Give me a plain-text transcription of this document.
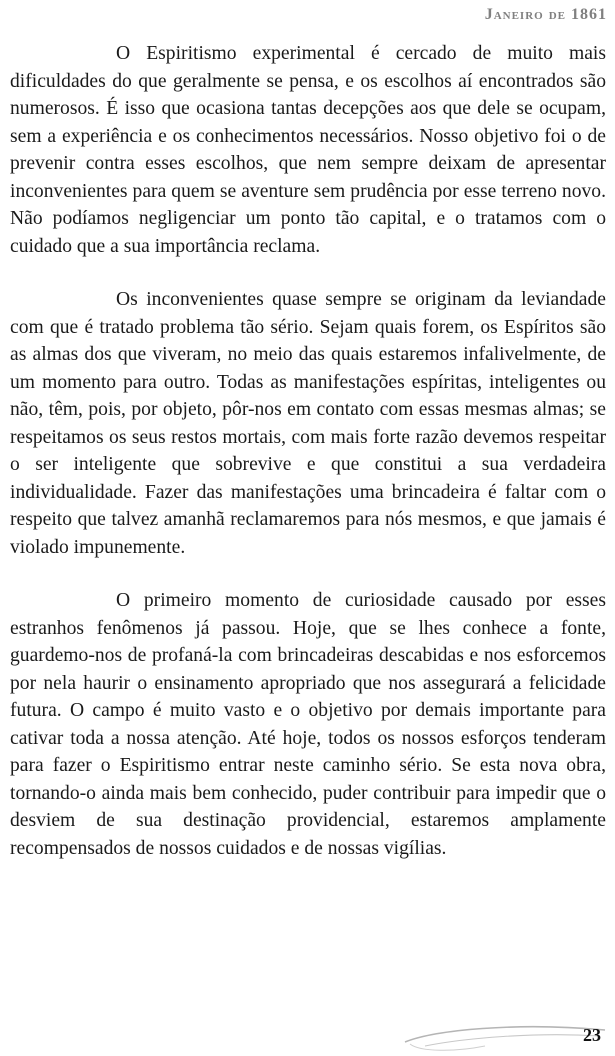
Janeiro de 1861

O Espiritismo experimental é cercado de muito mais dificuldades do que geralmente se pensa, e os escolhos aí encontrados são numerosos. É isso que ocasiona tantas decepções aos que dele se ocupam, sem a experiência e os conhecimentos necessários. Nosso objetivo foi o de prevenir contra esses escolhos, que nem sempre deixam de apresentar inconvenientes para quem se aventure sem prudência por esse terreno novo. Não podíamos negligenciar um ponto tão capital, e o tratamos com o cuidado que a sua importância reclama.

Os inconvenientes quase sempre se originam da leviandade com que é tratado problema tão sério. Sejam quais forem, os Espíritos são as almas dos que viveram, no meio das quais estaremos infalivelmente, de um momento para outro. Todas as manifestações espíritas, inteligentes ou não, têm, pois, por objeto, pôr-nos em contato com essas mesmas almas; se respeitamos os seus restos mortais, com mais forte razão devemos respeitar o ser inteligente que sobrevive e que constitui a sua verdadeira individualidade. Fazer das manifestações uma brincadeira é faltar com o respeito que talvez amanhã reclamaremos para nós mesmos, e que jamais é violado impunemente.

O primeiro momento de curiosidade causado por esses estranhos fenômenos já passou. Hoje, que se lhes conhece a fonte, guardemo-nos de profaná-la com brincadeiras descabidas e nos esforcemos por nela haurir o ensinamento apropriado que nos assegurará a felicidade futura. O campo é muito vasto e o objetivo por demais importante para cativar toda a nossa atenção. Até hoje, todos os nossos esforços tenderam para fazer o Espiritismo entrar neste caminho sério. Se esta nova obra, tornando-o ainda mais bem conhecido, puder contribuir para impedir que o desviem de sua destinação providencial, estaremos amplamente recompensados de nossos cuidados e de nossas vigílias.

23
